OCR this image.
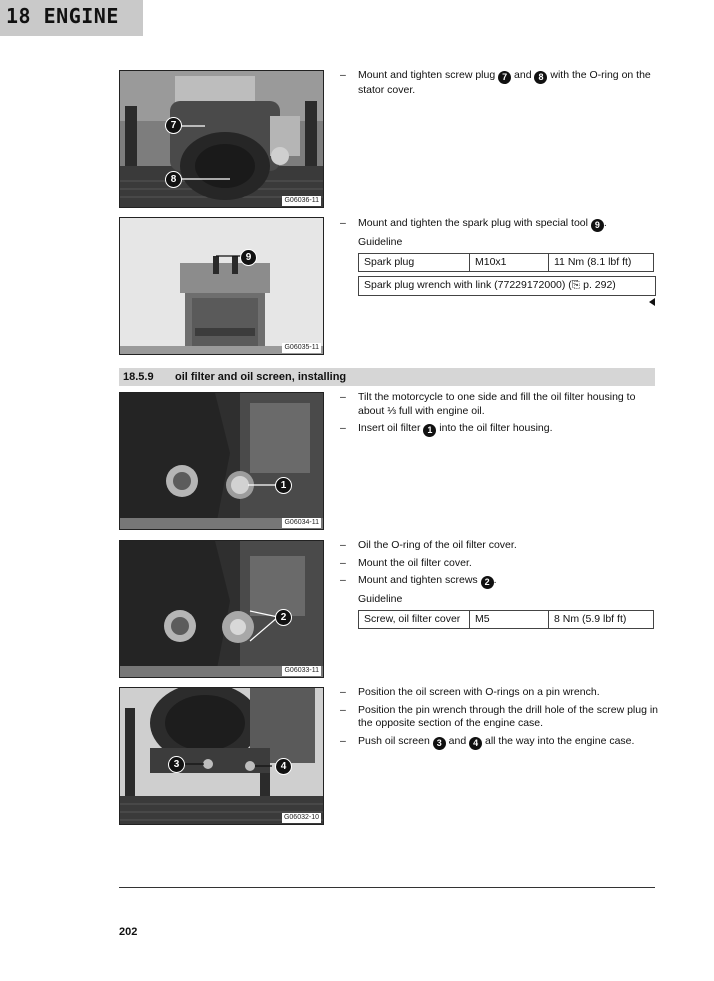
18 ENGINE
7
8
G06036-11
– Mount and tighten screw plug 7 and 8 with the O-ring on the stator cover.
9
G06035-11
– Mount and tighten the spark plug with special tool 9 .
Guideline
Spark plug	M10x1	11 Nm (8.1 lbf ft)
Spark plug wrench with link (77229172000) (⎘ p. 292)
18.5.9 oil filter and oil screen, installing
1
G06034-11
– Tilt the motorcycle to one side and fill the oil filter housing to about ⅓ full with engine oil.
– Insert oil filter 1 into the oil filter housing.
2
G06033-11
– Oil the O-ring of the oil filter cover.
– Mount the oil filter cover.
– Mount and tighten screws 2 .
Guideline
Screw, oil filter cover	M5	8 Nm (5.9 lbf ft)
3	4
G06032-10
– Position the oil screen with O-rings on a pin wrench.
– Position the pin wrench through the drill hole of the screw plug in the opposite section of the engine case.
– Push oil screen 3 and 4 all the way into the engine case.
202
